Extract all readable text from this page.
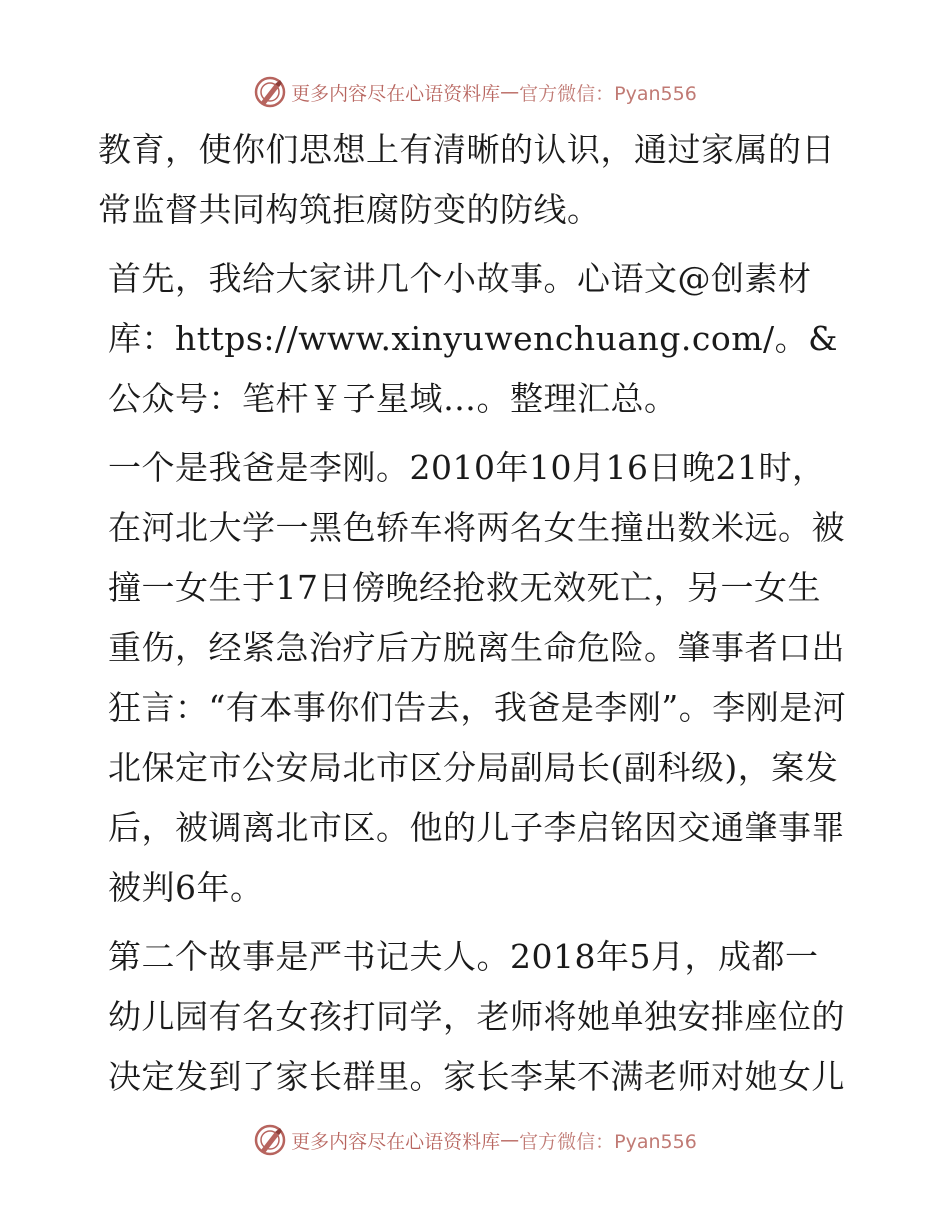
更多内容尽在心语资料库 — 官方微信：Pyan556

教育，使你们思想上有清晰的认识，通过家属的日常监督共同构筑拒腐防变的防线。

首先，我给大家讲几个小故事。心语文@创素材库：https://www.xinyuwenchuang.com/。&公众号：笔杆￥子星域…。整理汇总。

一个是我爸是李刚。2010年10月16日晚21时，在河北大学一黑色轿车将两名女生撞出数米远。被撞一女生于17日傍晚经抢救无效死亡，另一女生重伤，经紧急治疗后方脱离生命危险。肇事者口出狂言：“有本事你们告去，我爸是李刚”。李刚是河北保定市公安局北市区分局副局长(副科级)，案发后，被调离北市区。他的儿子李启铭因交通肇事罪被判6年。

第二个故事是严书记夫人。2018年5月，成都一幼儿园有名女孩打同学，老师将她单独安排座位的决定发到了家长群里。家长李某不满老师对她女儿

更多内容尽在心语资料库 — 官方微信：Pyan556
